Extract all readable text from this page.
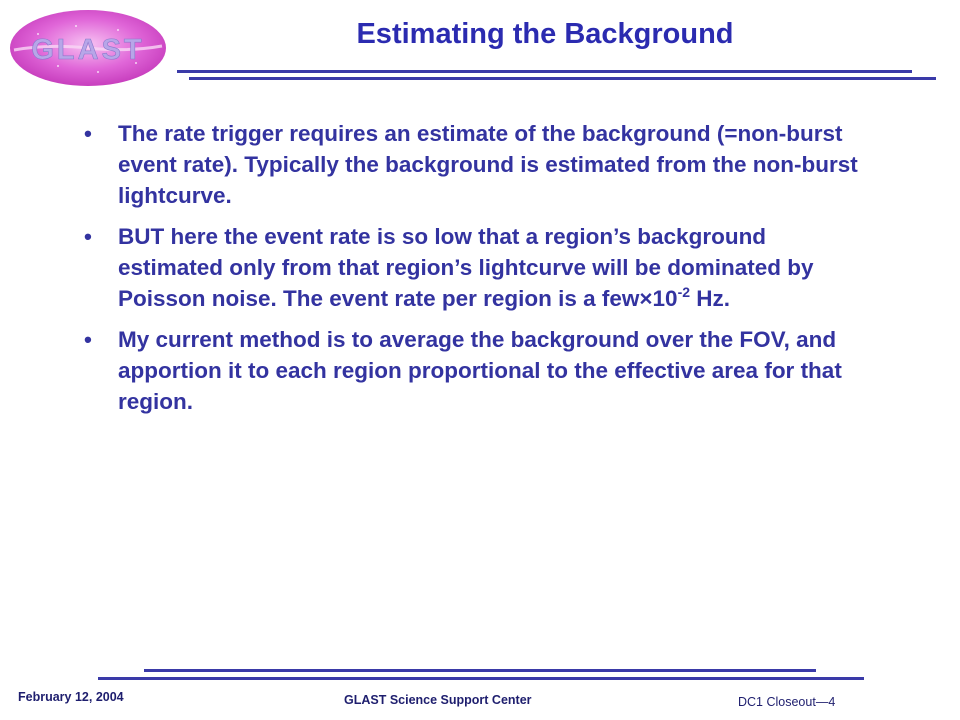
GLAST	Estimating the Background
• The rate trigger requires an estimate of the background (=non-burst event rate). Typically the background is estimated from the non-burst lightcurve.
• BUT here the event rate is so low that a region’s background estimated only from that region’s lightcurve will be dominated by Poisson noise. The event rate per region is a $few\times 10^{-2}$ Hz.
• My current method is to average the background over the FOV, and apportion it to each region proportional to the effective area for that region.

February 12, 2004	GLAST Science Support Center	DC1 Closeout—4
